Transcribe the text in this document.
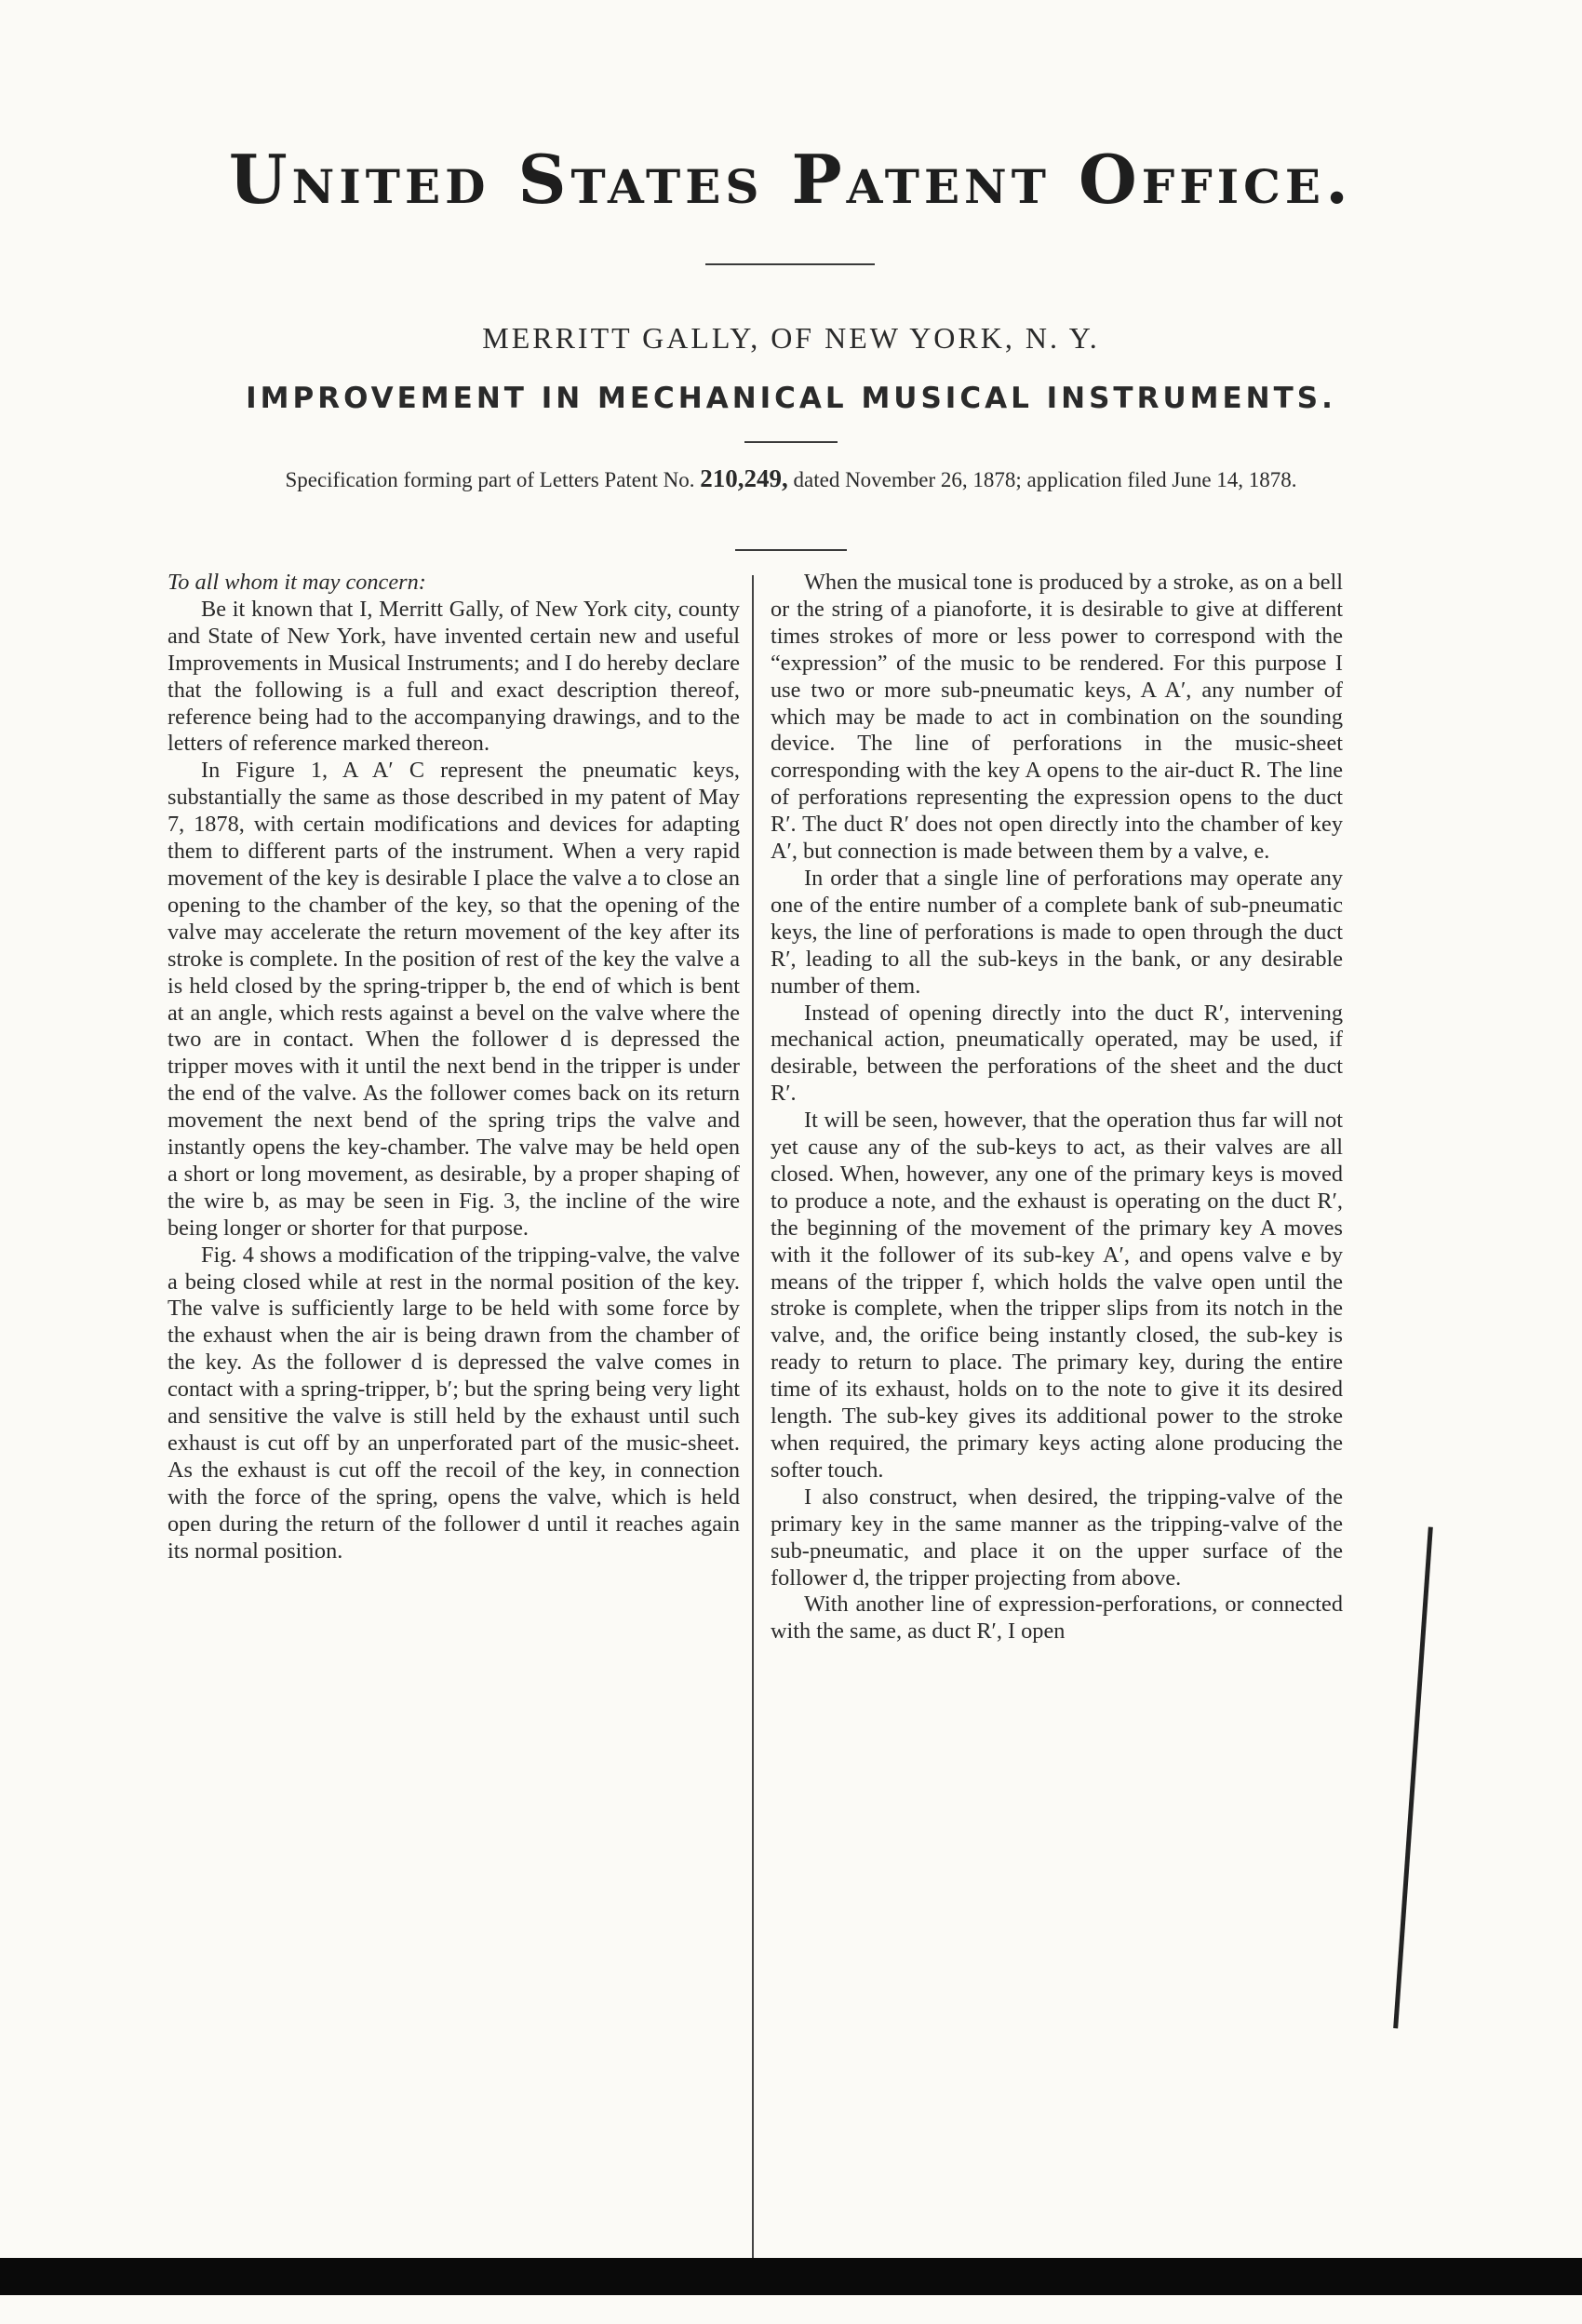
United States Patent Office.
MERRITT GALLY, OF NEW YORK, N. Y.
IMPROVEMENT IN MECHANICAL MUSICAL INSTRUMENTS.
Specification forming part of Letters Patent No. 210,249, dated November 26, 1878; application filed June 14, 1878.

To all whom it may concern:

Be it known that I, Merritt Gally, of New York city, county and State of New York, have invented certain new and useful Improvements in Musical Instruments; and I do hereby declare that the following is a full and exact description thereof, reference being had to the accompanying drawings, and to the letters of reference marked thereon.

In Figure 1, A A′ C represent the pneumatic keys, substantially the same as those described in my patent of May 7, 1878, with certain modifications and devices for adapting them to different parts of the instrument. When a very rapid movement of the key is desirable I place the valve a to close an opening to the chamber of the key, so that the opening of the valve may accelerate the return movement of the key after its stroke is complete. In the position of rest of the key the valve a is held closed by the spring-tripper b, the end of which is bent at an angle, which rests against a bevel on the valve where the two are in contact. When the follower d is depressed the tripper moves with it until the next bend in the tripper is under the end of the valve. As the follower comes back on its return movement the next bend of the spring trips the valve and instantly opens the key-chamber. The valve may be held open a short or long movement, as desirable, by a proper shaping of the wire b, as may be seen in Fig. 3, the incline of the wire being longer or shorter for that purpose.

Fig. 4 shows a modification of the tripping-valve, the valve a being closed while at rest in the normal position of the key. The valve is sufficiently large to be held with some force by the exhaust when the air is being drawn from the chamber of the key. As the follower d is depressed the valve comes in contact with a spring-tripper, b′; but the spring being very light and sensitive the valve is still held by the exhaust until such exhaust is cut off by an unperforated part of the music-sheet. As the exhaust is cut off the recoil of the key, in connection with the force of the spring, opens the valve, which is held open during the return of the follower d until it reaches again its normal position.

When the musical tone is produced by a stroke, as on a bell or the string of a pianoforte, it is desirable to give at different times strokes of more or less power to correspond with the “expression” of the music to be rendered. For this purpose I use two or more sub-pneumatic keys, A A′, any number of which may be made to act in combination on the sounding device. The line of perforations in the music-sheet corresponding with the key A opens to the air-duct R. The line of perforations representing the expression opens to the duct R′. The duct R′ does not open directly into the chamber of key A′, but connection is made between them by a valve, e.

In order that a single line of perforations may operate any one of the entire number of a complete bank of sub-pneumatic keys, the line of perforations is made to open through the duct R′, leading to all the sub-keys in the bank, or any desirable number of them.

Instead of opening directly into the duct R′, intervening mechanical action, pneumatically operated, may be used, if desirable, between the perforations of the sheet and the duct R′.

It will be seen, however, that the operation thus far will not yet cause any of the sub-keys to act, as their valves are all closed. When, however, any one of the primary keys is moved to produce a note, and the exhaust is operating on the duct R′, the beginning of the movement of the primary key A moves with it the follower of its sub-key A′, and opens valve e by means of the tripper f, which holds the valve open until the stroke is complete, when the tripper slips from its notch in the valve, and, the orifice being instantly closed, the sub-key is ready to return to place. The primary key, during the entire time of its exhaust, holds on to the note to give it its desired length. The sub-key gives its additional power to the stroke when required, the primary keys acting alone producing the softer touch.

I also construct, when desired, the tripping-valve of the primary key in the same manner as the tripping-valve of the sub-pneumatic, and place it on the upper surface of the follower d, the tripper projecting from above.

With another line of expression-perforations, or connected with the same, as duct R′, I open
